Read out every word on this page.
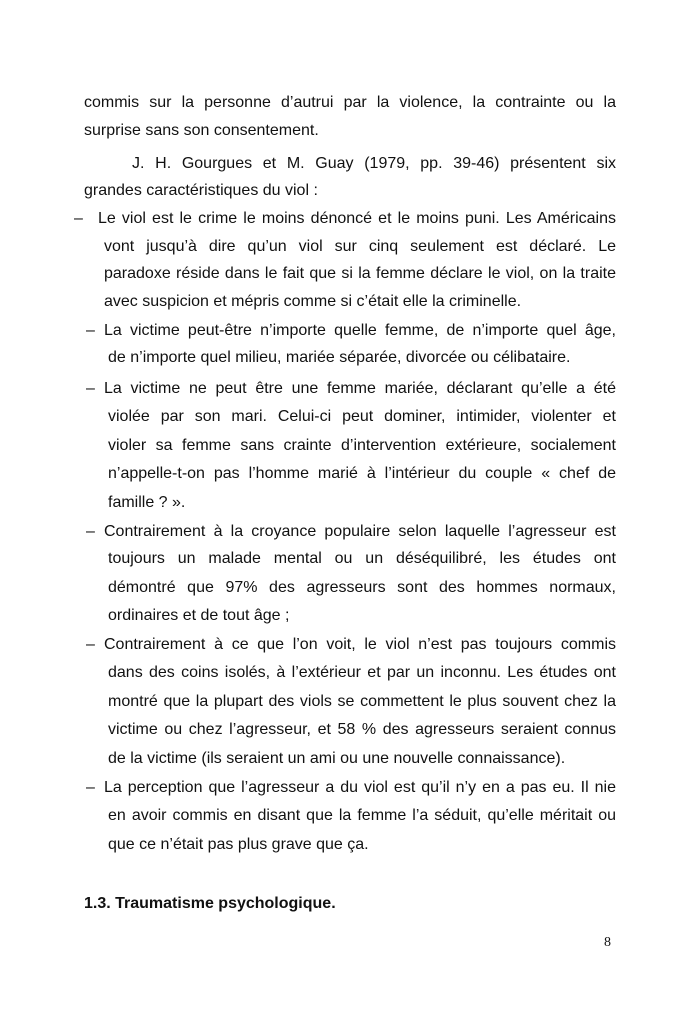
commis sur la personne d’autrui par la violence, la contrainte ou la
surprise sans son consentement.
J. H. Gourgues et M. Guay (1979, pp. 39-46) présentent six
grandes caractéristiques du viol :
– Le viol est le crime le moins dénoncé et le moins puni. Les Américains
vont jusqu’à dire qu’un viol sur cinq seulement est déclaré. Le
paradoxe réside dans le fait que si la femme déclare le viol, on la traite
avec suspicion et mépris comme si c’était elle la criminelle.
– La victime peut-être n’importe quelle femme, de n’importe quel âge,
de n’importe quel milieu, mariée séparée, divorcée ou célibataire.
– La victime ne peut être une femme mariée, déclarant qu’elle a été
violée par son mari. Celui-ci peut dominer, intimider, violenter et
violer sa femme sans crainte d’intervention extérieure, socialement
n’appelle-t-on pas l’homme marié à l’intérieur du couple « chef de
famille ? ».
– Contrairement à la croyance populaire selon laquelle l’agresseur est
toujours un malade mental ou un déséquilibré, les études ont
démontré que 97% des agresseurs sont des hommes normaux,
ordinaires et de tout âge ;
– Contrairement à ce que l’on voit, le viol n’est pas toujours commis
dans des coins isolés, à l’extérieur et par un inconnu. Les études ont
montré que la plupart des viols se commettent le plus souvent chez la
victime ou chez l’agresseur, et 58 % des agresseurs seraient connus
de la victime (ils seraient un ami ou une nouvelle connaissance).
– La perception que l’agresseur a du viol est qu’il n’y en a pas eu. Il nie
en avoir commis en disant que la femme l’a séduit, qu’elle méritait ou
que ce n’était pas plus grave que ça.
1.3. Traumatisme psychologique.
8
